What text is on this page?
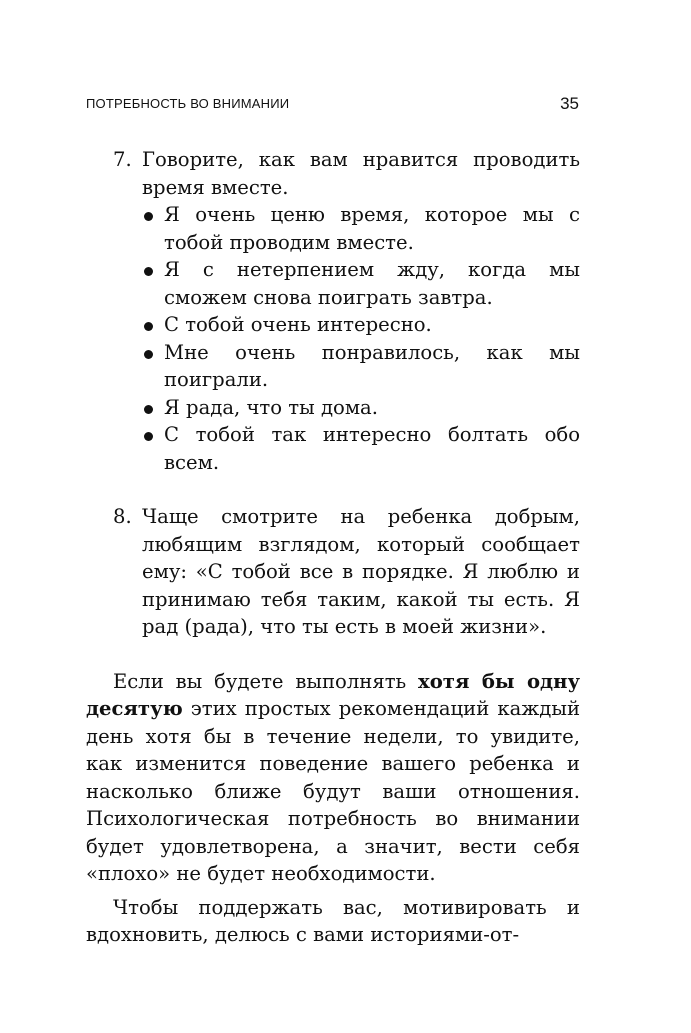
ПОТРЕБНОСТЬ ВО ВНИМАНИИ	35
7. Говорите, как вам нравится проводить время вместе.
Я очень ценю время, которое мы с тобой проводим вместе.
Я с нетерпением жду, когда мы сможем снова поиграть завтра.
С тобой очень интересно.
Мне очень понравилось, как мы поиграли.
Я рада, что ты дома.
С тобой так интересно болтать обо всем.
8. Чаще смотрите на ребенка добрым, любящим взглядом, который сообщает ему: «С тобой все в порядке. Я люблю и принимаю тебя таким, какой ты есть. Я рад (рада), что ты есть в моей жизни».

Если вы будете выполнять хотя бы одну десятую этих простых рекомендаций каждый день хотя бы в течение недели, то увидите, как изменится поведение вашего ребенка и насколько ближе будут ваши отношения. Психологическая потребность во внимании будет удовлетворена, а значит, вести себя «плохо» не будет необходимости.

Чтобы поддержать вас, мотивировать и вдохновить, делюсь с вами историями-от-
